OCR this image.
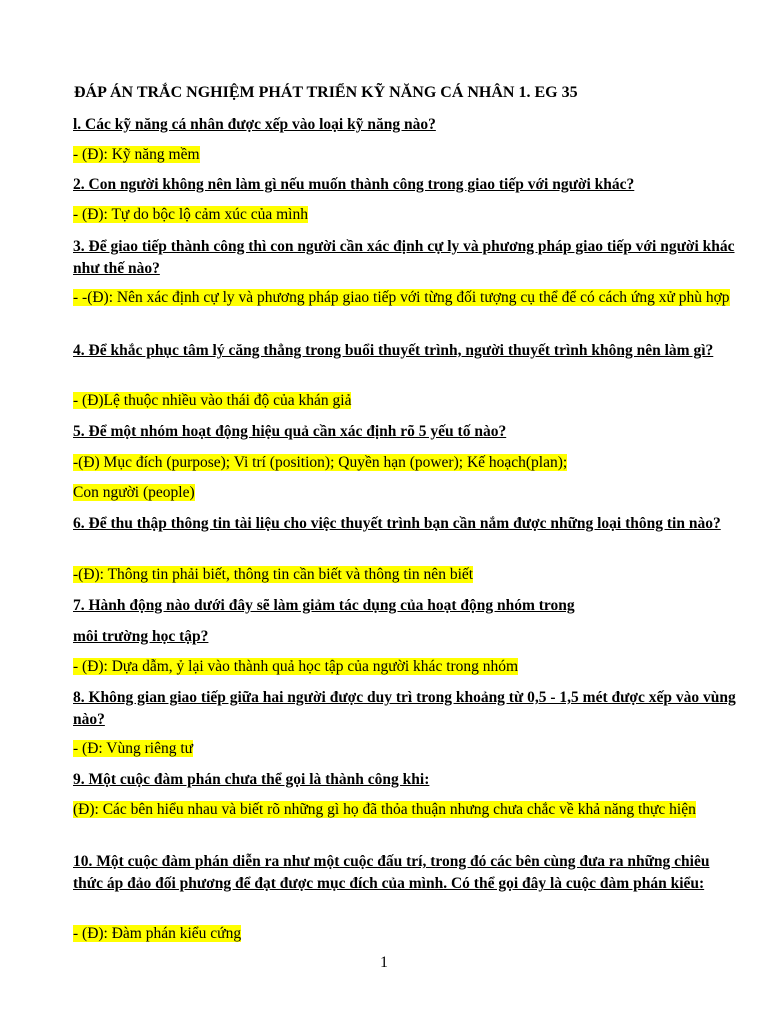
ĐÁP ÁN TRẮC NGHIỆM PHÁT TRIỂN KỸ NĂNG CÁ NHÂN 1. EG 35
l. Các kỹ năng cá nhân được xếp vào loại kỹ năng nào?
- (Đ): Kỹ năng mềm
2. Con người không nên làm gì nếu muốn thành công trong giao tiếp với người khác?
- (Đ): Tự do bộc lộ cảm xúc của mình
3. Để giao tiếp thành công thì con người cần xác định cự ly và phương pháp giao tiếp với người khác như thế nào?
- -(Đ): Nên xác định cự ly và phương pháp giao tiếp với từng đối tượng cụ thể để có cách ứng xử phù hợp
4. Để khắc phục tâm lý căng thẳng trong buổi thuyết trình, người thuyết trình không nên làm gì?
- (Đ)Lệ thuộc nhiều vào thái độ của khán giả
5. Để một nhóm hoạt động hiệu quả cần xác định rõ 5 yếu tố nào?
-(Đ) Mục đích (purpose); Vi trí (position); Quyền hạn (power); Kế hoạch(plan);
Con người (people)
6. Để thu thập thông tin tài liệu cho việc thuyết trình bạn cần nắm được những loại thông tin nào?
-(Đ): Thông tin phải biết, thông tin cần biết và thông tin nên biết
7. Hành động nào dưới đây sẽ làm giảm tác dụng của hoạt động nhóm trong
môi trường học tập?
- (Đ): Dựa dẫm, ỷ lại vào thành quả học tập của người khác trong nhóm
8. Không gian giao tiếp giữa hai người được duy trì trong khoảng từ 0,5 - 1,5 mét được xếp vào vùng nào?
- (Đ: Vùng riêng tư
9. Một cuộc đàm phán chưa thể gọi là thành công khi:
(Đ): Các bên hiểu nhau và biết rõ những gì họ đã thỏa thuận nhưng chưa chắc về khả năng thực hiện
10. Một cuộc đàm phán diễn ra như một cuộc đấu trí, trong đó các bên cùng đưa ra những chiêu thức áp đảo đối phương để đạt được mục đích của mình. Có thể gọi đây là cuộc đàm phán kiểu:
- (Đ): Đàm phán kiểu cứng
1
